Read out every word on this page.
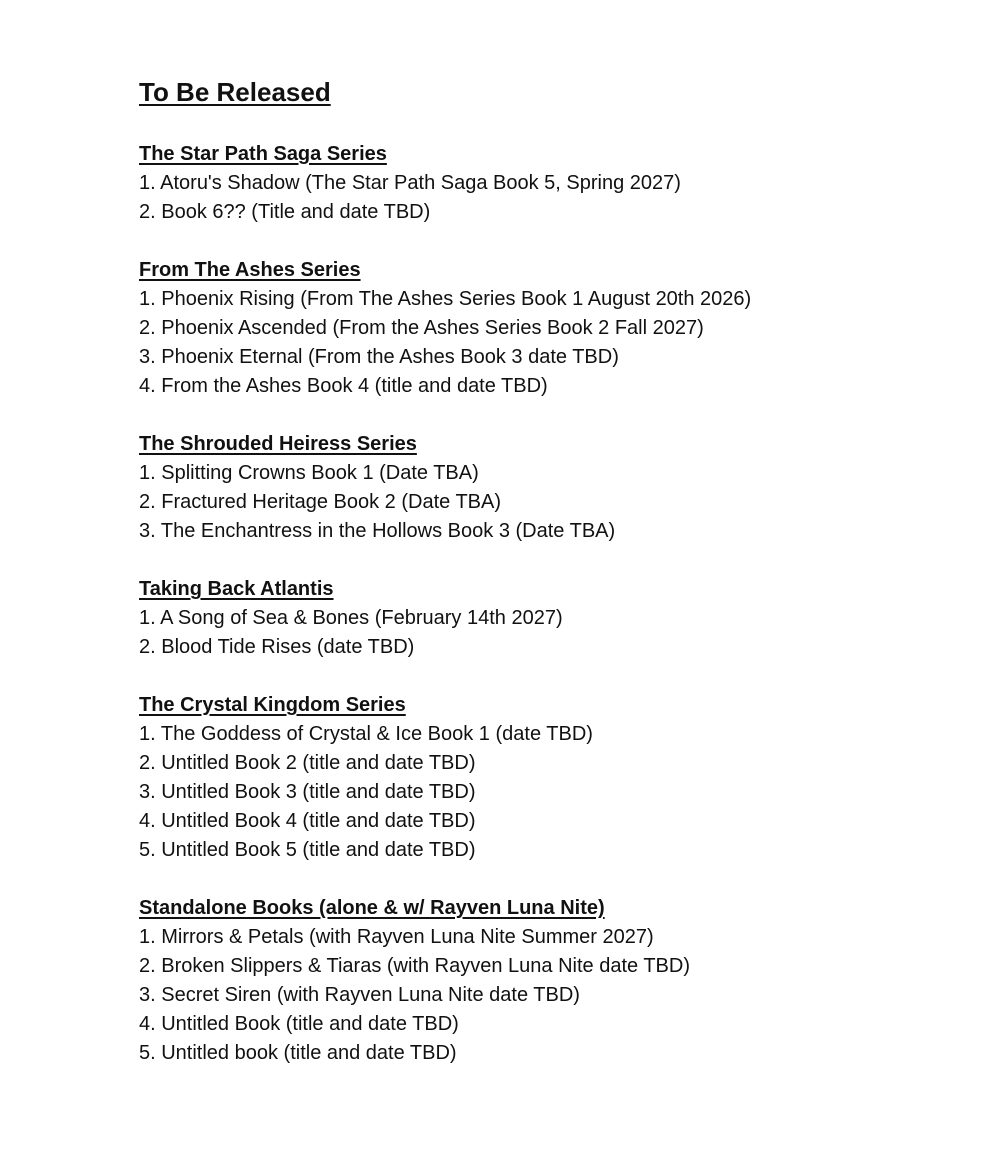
To Be Released
The Star Path Saga Series
1. Atoru's Shadow (The Star Path Saga Book 5, Spring 2027)
2. Book 6?? (Title and date TBD)
From The Ashes Series
1. Phoenix Rising (From The Ashes Series Book 1 August 20th 2026)
2. Phoenix Ascended (From the Ashes Series Book 2 Fall 2027)
3. Phoenix Eternal (From the Ashes Book 3 date TBD)
4. From the Ashes Book 4 (title and date TBD)
The Shrouded Heiress Series
1. Splitting Crowns Book 1 (Date TBA)
2. Fractured Heritage Book 2 (Date TBA)
3. The Enchantress in the Hollows Book 3 (Date TBA)
Taking Back Atlantis
1. A Song of Sea & Bones (February 14th 2027)
2. Blood Tide Rises (date TBD)
The Crystal Kingdom Series
1. The Goddess of Crystal & Ice Book 1 (date TBD)
2. Untitled Book 2 (title and date TBD)
3. Untitled Book 3 (title and date TBD)
4. Untitled Book 4 (title and date TBD)
5. Untitled Book 5 (title and date TBD)
Standalone Books (alone & w/ Rayven Luna Nite)
1. Mirrors & Petals (with Rayven Luna Nite Summer 2027)
2. Broken Slippers & Tiaras (with Rayven Luna Nite date TBD)
3. Secret Siren (with Rayven Luna Nite date TBD)
4. Untitled Book (title and date TBD)
5. Untitled book (title and date TBD)
